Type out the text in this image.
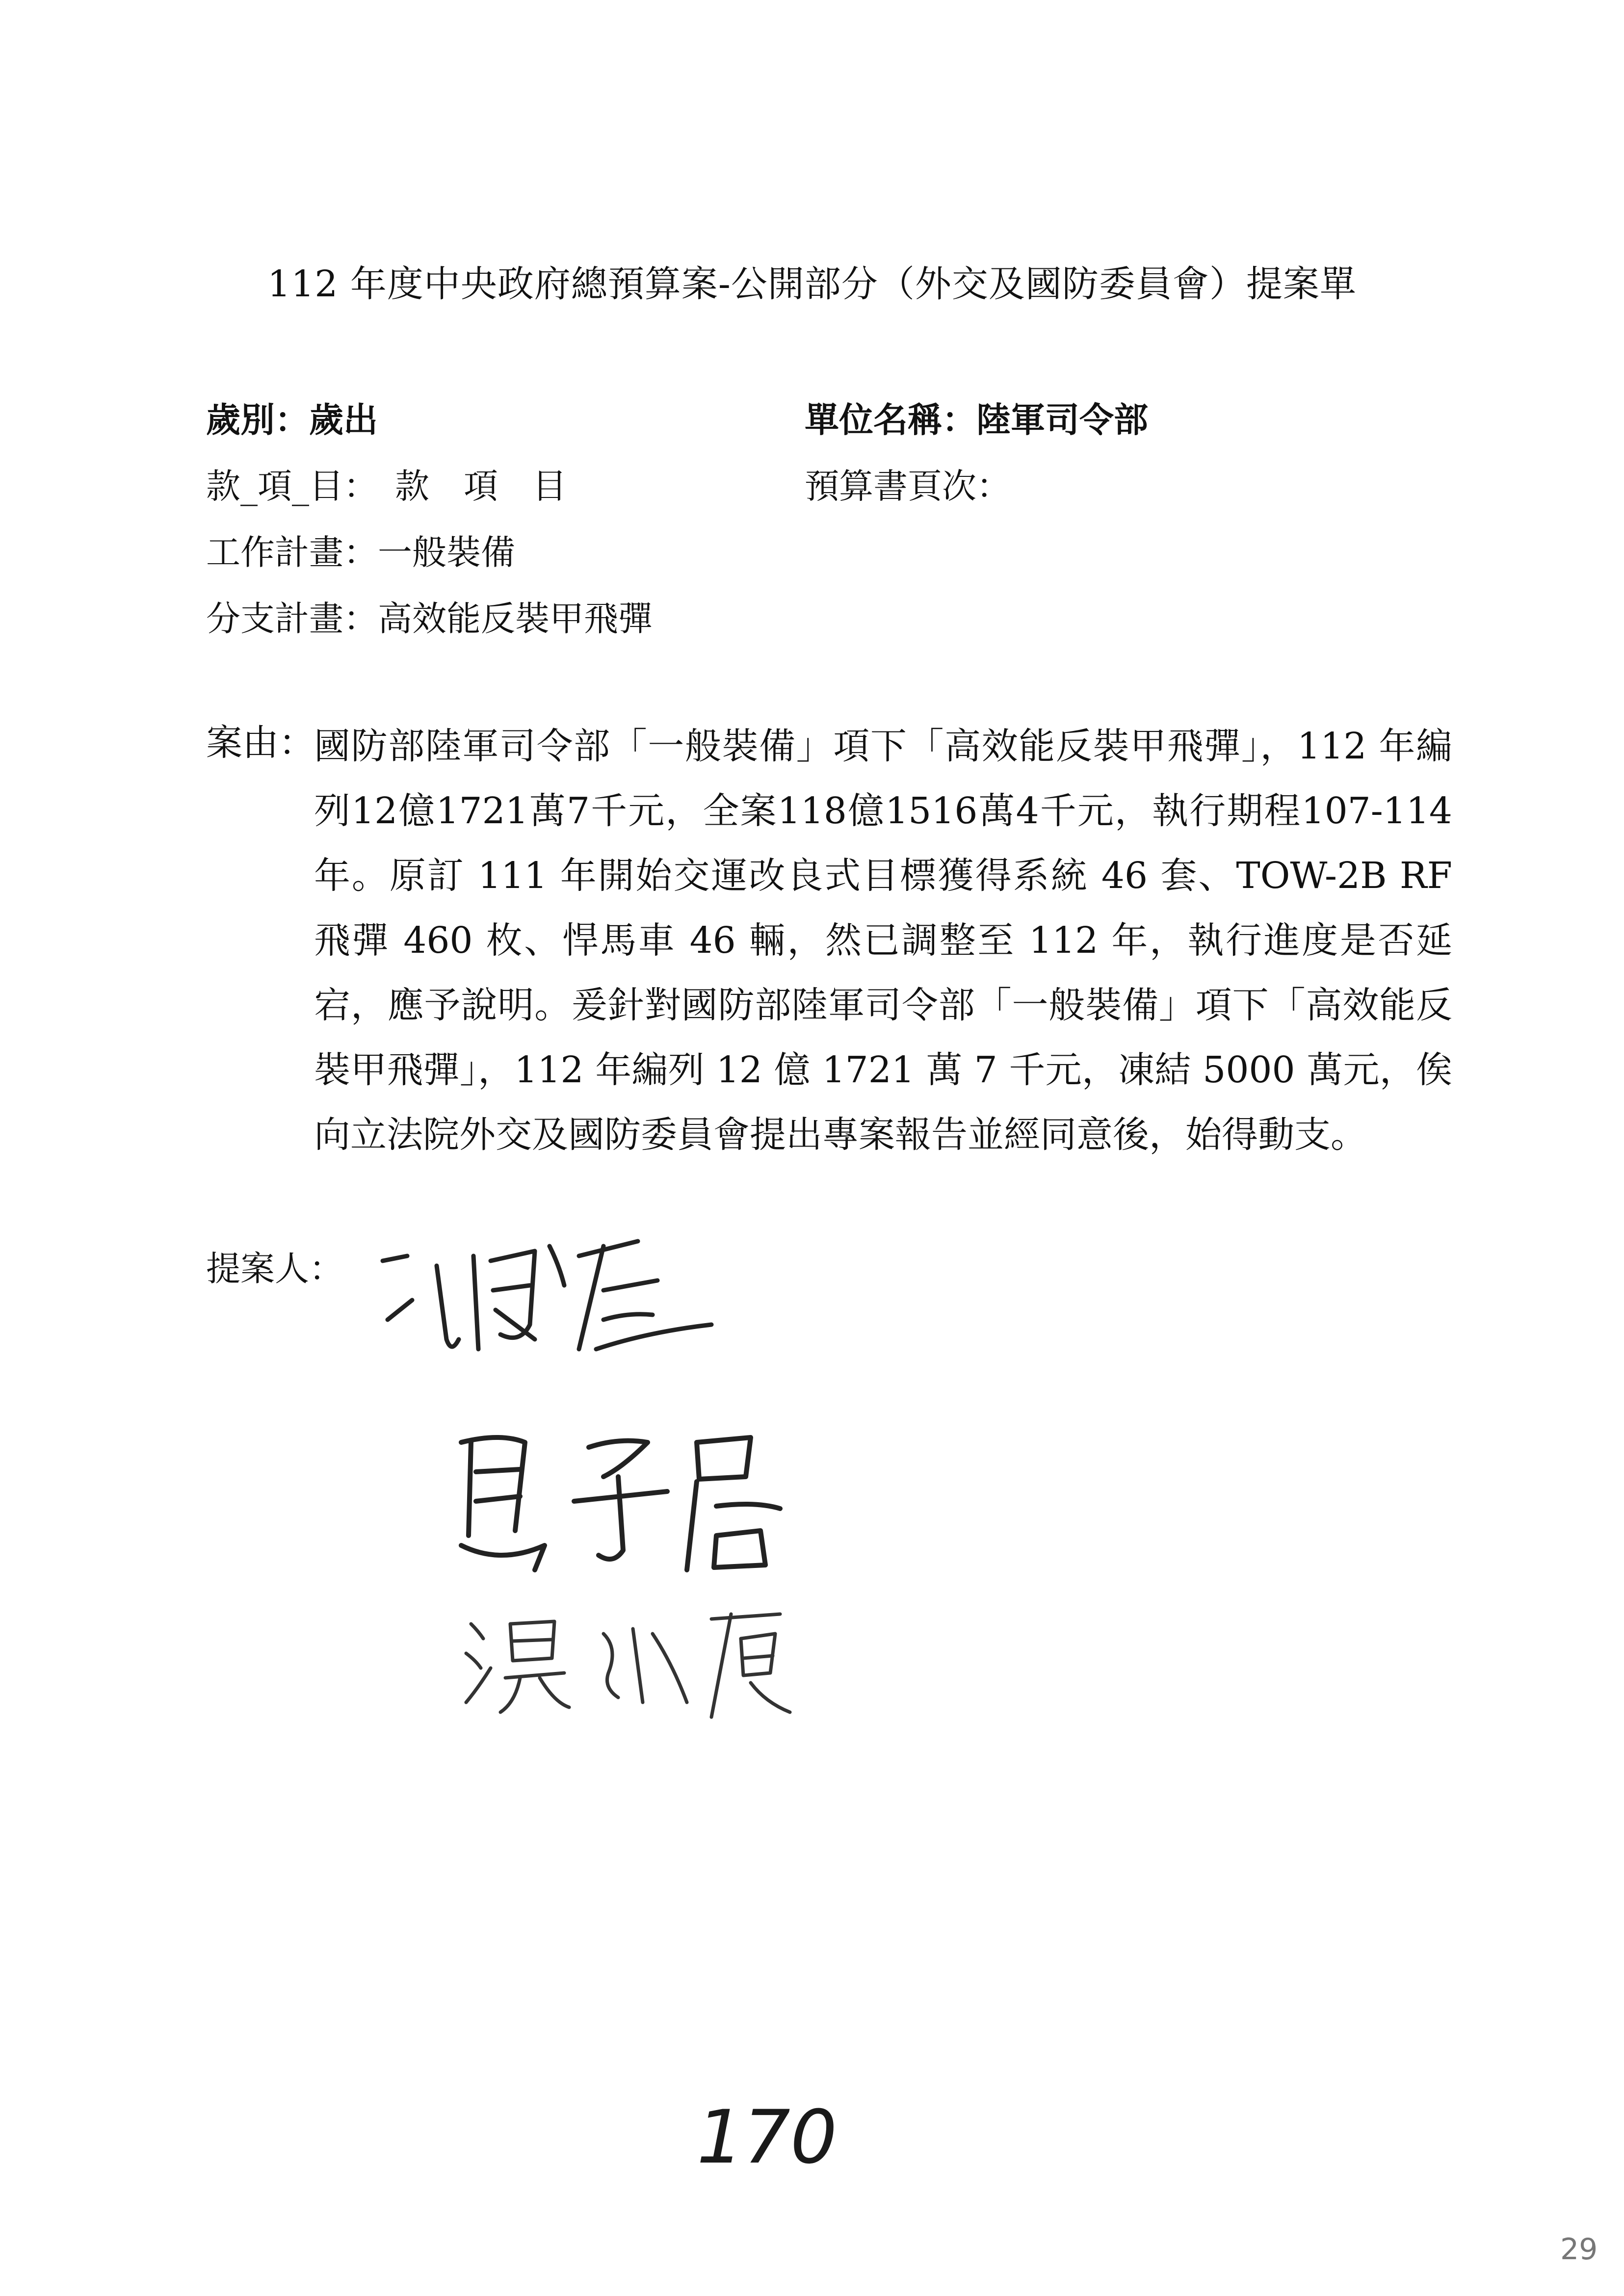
112 年度中央政府總預算案-公開部分（外交及國防委員會）提案單
歲別：歲出	單位名稱：陸軍司令部
款_項_目：　款　項　目	預算書頁次：
工作計畫：一般裝備
分支計畫：高效能反裝甲飛彈
案由：
國防部陸軍司令部「一般裝備」項下「高效能反裝甲飛彈」，112 年編列12億1721萬7千元，全案118億1516萬4千元，執行期程107-114年。原訂 111 年開始交運改良式目標獲得系統 46 套、TOW-2B RF 飛彈 460 枚、悍馬車 46 輛，然已調整至 112 年，執行進度是否延宕，應予說明。爰針對國防部陸軍司令部「一般裝備」項下「高效能反裝甲飛彈」，112 年編列 12 億 1721 萬 7 千元，凍結 5000 萬元，俟向立法院外交及國防委員會提出專案報告並經同意後，始得動支。
提案人：
170
29
